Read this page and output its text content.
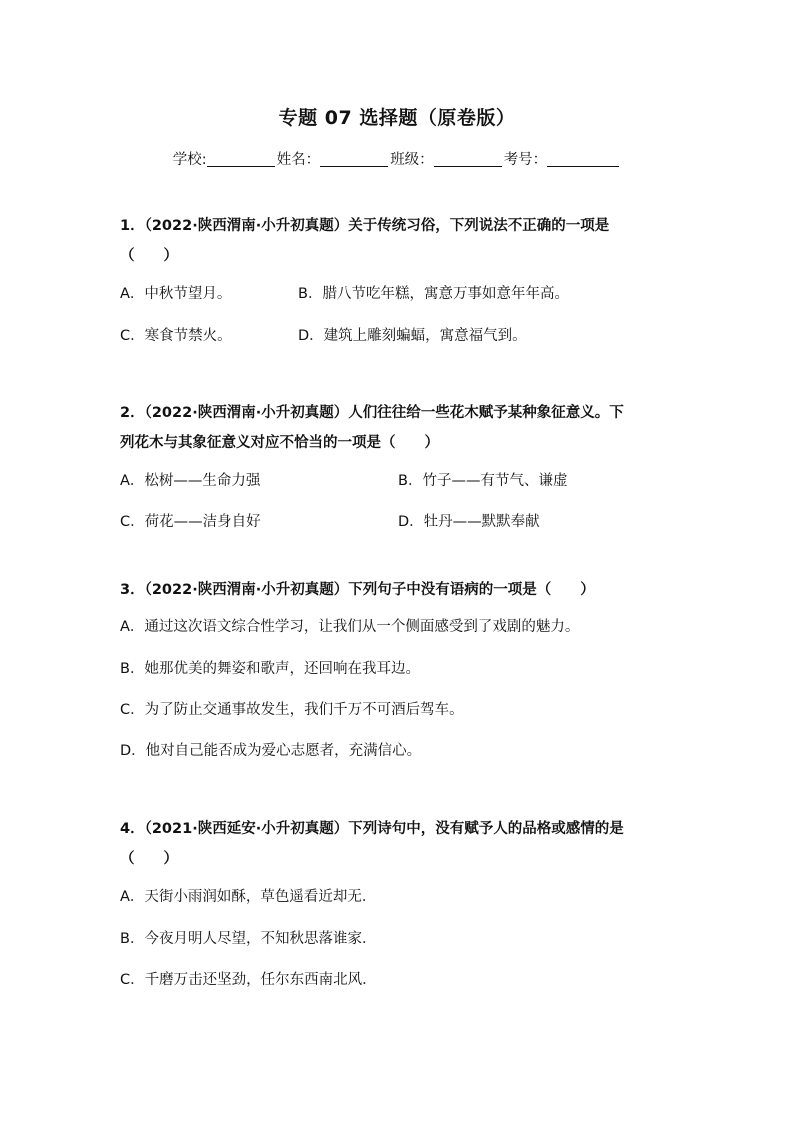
专题 07 选择题（原卷版）
学校:	姓名：	班级：	考号：
1．（2022·陕西渭南·小升初真题）关于传统习俗，下列说法不正确的一项是
（　　）
A．中秋节望月。	B．腊八节吃年糕，寓意万事如意年年高。
C．寒食节禁火。	D．建筑上雕刻蝙蝠，寓意福气到。
2．（2022·陕西渭南·小升初真题）人们往往给一些花木赋予某种象征意义。下
列花木与其象征意义对应不恰当的一项是（　　）
A．松树——生命力强	B．竹子——有节气、谦虚
C．荷花——洁身自好	D．牡丹——默默奉献
3．（2022·陕西渭南·小升初真题）下列句子中没有语病的一项是（　　）
A．通过这次语文综合性学习，让我们从一个侧面感受到了戏剧的魅力。
B．她那优美的舞姿和歌声，还回响在我耳边。
C．为了防止交通事故发生，我们千万不可酒后驾车。
D．他对自己能否成为爱心志愿者，充满信心。
4．（2021·陕西延安·小升初真题）下列诗句中，没有赋予人的品格或感情的是
（　　）
A．天街小雨润如酥，草色遥看近却无．
B．今夜月明人尽望，不知秋思落谁家．
C．千磨万击还坚劲，任尔东西南北风．
